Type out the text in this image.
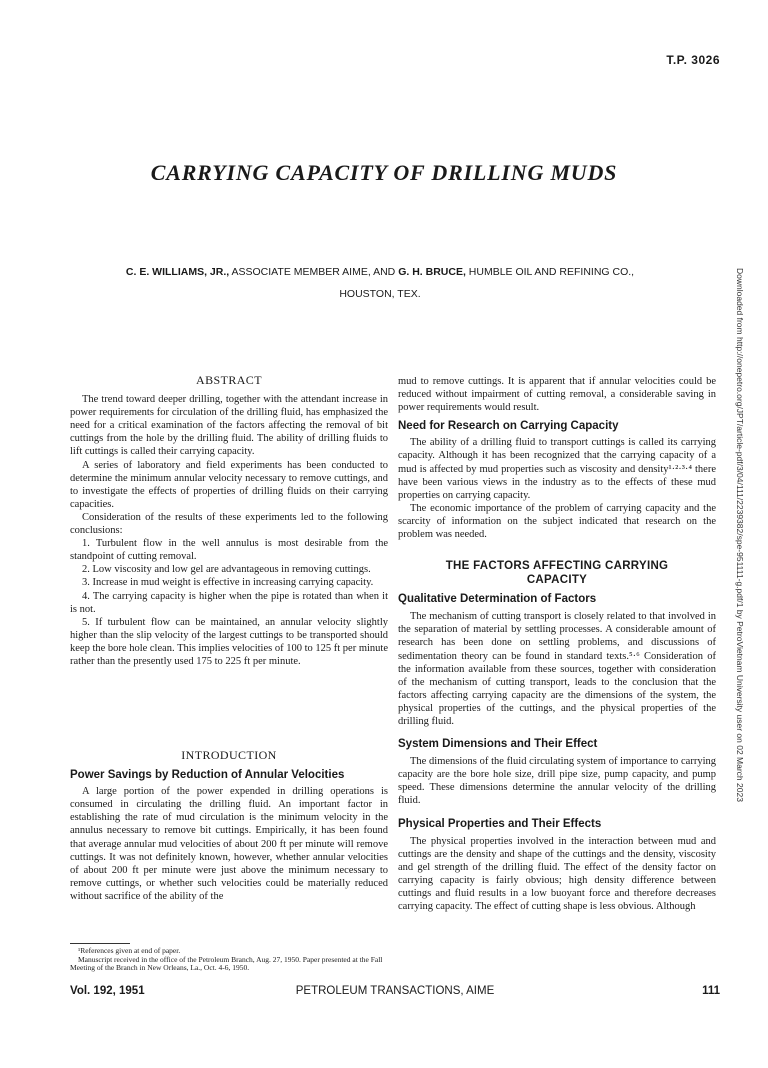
T.P. 3026
CARRYING CAPACITY OF DRILLING MUDS
C. E. WILLIAMS, JR., ASSOCIATE MEMBER AIME, AND G. H. BRUCE, HUMBLE OIL AND REFINING CO.,
HOUSTON, TEX.	Downloaded from http://onepetro.org/JPT/article-pdf/3/04/111/2239382/spe-951111-g.pdf/1 by PetroVietnam University user on 02 March 2023
ABSTRACT

The trend toward deeper drilling, together with the attendant increase in power requirements for circulation of the drilling fluid, has emphasized the need for a critical examination of the factors affecting the removal of bit cuttings from the hole by the drilling fluid. The ability of drilling fluids to lift cuttings is called their carrying capacity.

A series of laboratory and field experiments has been conducted to determine the minimum annular velocity necessary to remove cuttings, and to investigate the effects of properties of drilling fluids on their carrying capacities.

Consideration of the results of these experiments led to the following conclusions:

1. Turbulent flow in the well annulus is most desirable from the standpoint of cutting removal.

2. Low viscosity and low gel are advantageous in removing cuttings.

3. Increase in mud weight is effective in increasing carrying capacity.

4. The carrying capacity is higher when the pipe is rotated than when it is not.

5. If turbulent flow can be maintained, an annular velocity slightly higher than the slip velocity of the largest cuttings to be transported should keep the bore hole clean. This implies velocities of 100 to 125 ft per minute rather than the presently used 175 to 225 ft per minute.

INTRODUCTION
Power Savings by Reduction of Annular Velocities

A large portion of the power expended in drilling operations is consumed in circulating the drilling fluid. An important factor in establishing the rate of mud circulation is the minimum velocity in the annulus necessary to remove bit cuttings. Empirically, it has been found that average annular mud velocities of about 200 ft per minute will remove cuttings. It was not definitely known, however, whether annular velocities of about 200 ft per minute were just above the minimum necessary to remove cuttings, or whether such velocities could be materially reduced without sacrifice of the ability of the

¹References given at end of paper.

Manuscript received in the office of the Petroleum Branch, Aug. 27, 1950. Paper presented at the Fall Meeting of the Branch in New Orleans, La., Oct. 4-6, 1950.

mud to remove cuttings. It is apparent that if annular velocities could be reduced without impairment of cutting removal, a considerable saving in power requirements would result.

Need for Research on Carrying Capacity

The ability of a drilling fluid to transport cuttings is called its carrying capacity. Although it has been recognized that the carrying capacity of a mud is affected by mud properties such as viscosity and density¹·²·³·⁴ there have been various views in the industry as to the effects of these mud properties on carrying capacity.

The economic importance of the problem of carrying capacity and the scarcity of information on the subject indicated that research on the problem was needed.

THE FACTORS AFFECTING CARRYING CAPACITY
Qualitative Determination of Factors

The mechanism of cutting transport is closely related to that involved in the separation of material by settling processes. A considerable amount of research has been done on settling problems, and discussions of sedimentation theory can be found in standard texts.⁵·⁶ Consideration of the information available from these sources, together with consideration of the mechanism of cutting transport, leads to the conclusion that the factors affecting carrying capacity are the dimensions of the system, the physical properties of the cuttings, and the physical properties of the drilling fluid.

System Dimensions and Their Effect

The dimensions of the fluid circulating system of importance to carrying capacity are the bore hole size, drill pipe size, pump capacity, and pump speed. These dimensions determine the annular velocity of the drilling fluid.

Physical Properties and Their Effects

The physical properties involved in the interaction between mud and cuttings are the density and shape of the cuttings and the density, viscosity and gel strength of the drilling fluid. The effect of the density factor on carrying capacity is fairly obvious; high density difference between cuttings and fluid results in a low buoyant force and therefore decreases carrying capacity. The effect of cutting shape is less obvious. Although

Vol. 192, 1951	PETROLEUM TRANSACTIONS, AIME	111
